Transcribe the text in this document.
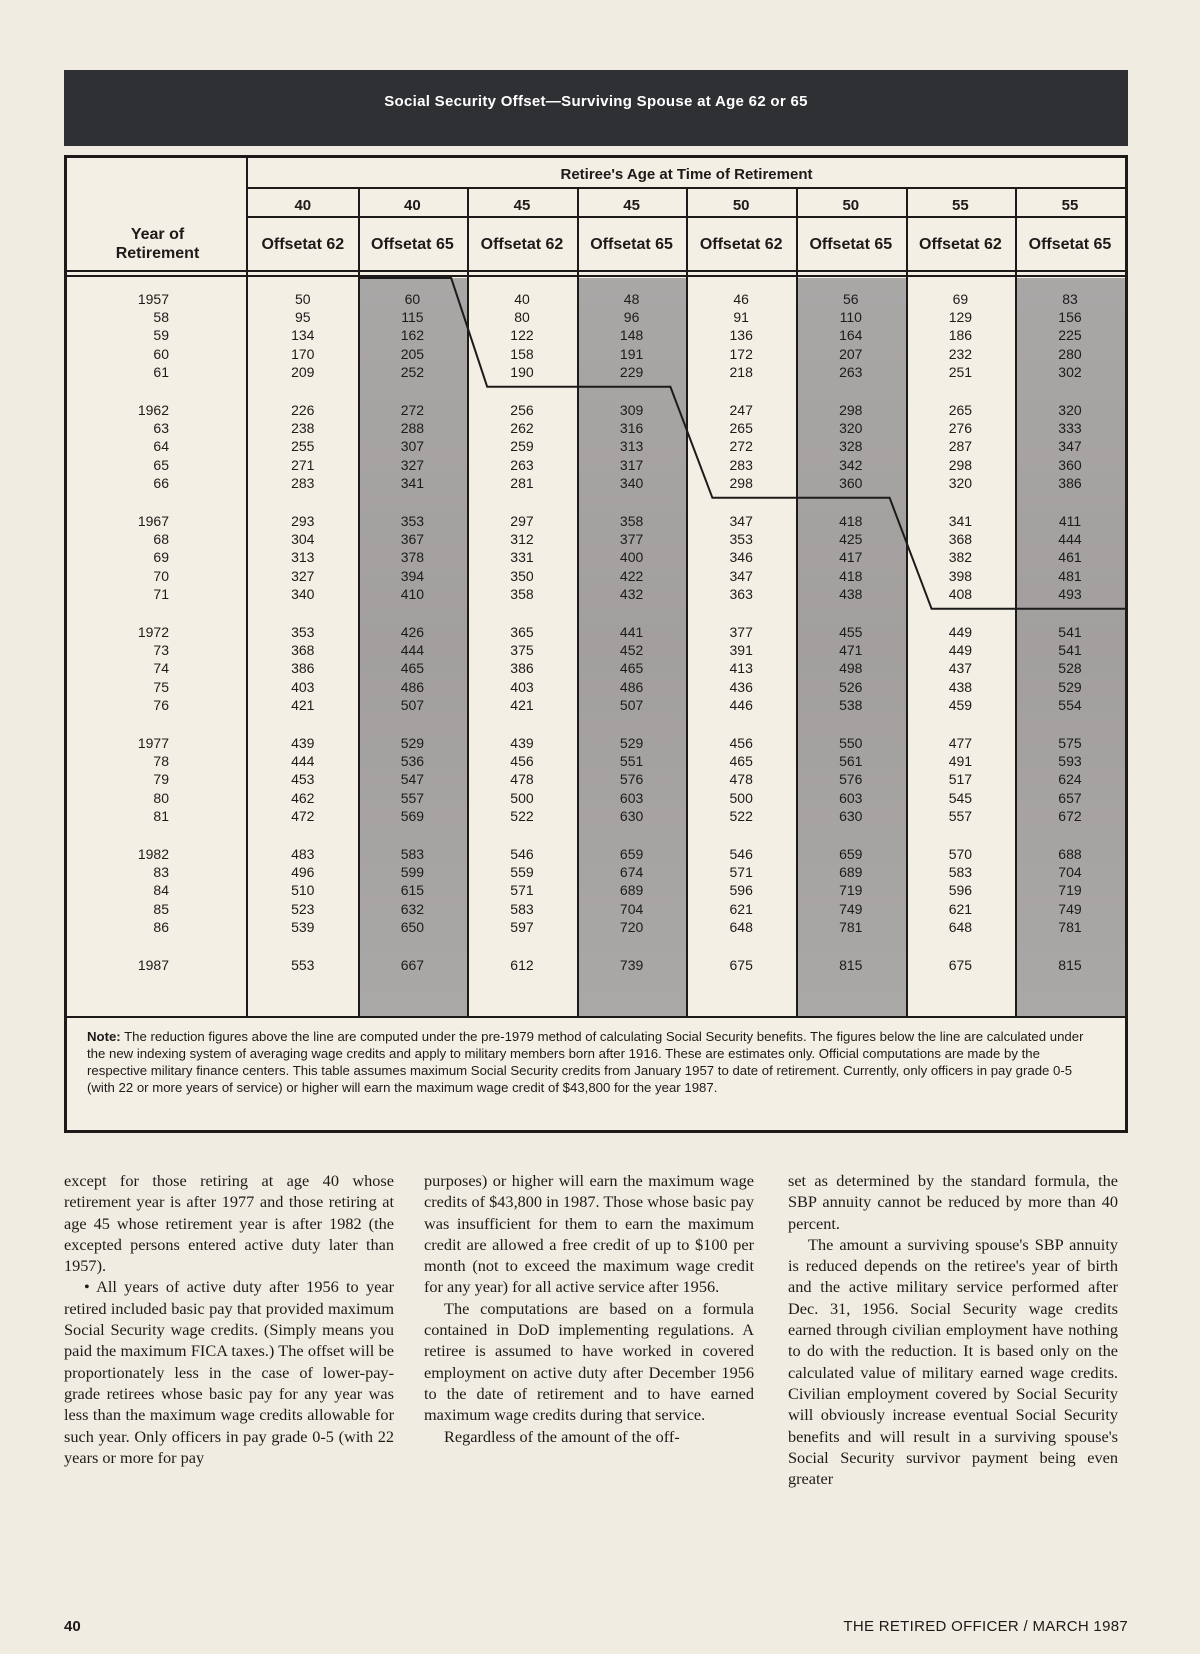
Social Security Offset—Surviving Spouse at Age 62 or 65
Retiree's Age at Time of Retirement
Year of
Retirement
40	40	45	45	50	50	55	55
Offset at 62 Offset at 65 Offset at 62 Offset at 65 Offset at 62 Offset at 65 Offset at 62 Offset at 65
1957	50	60	40	48	46	56	69	83
58	95	115	80	96	91	110	129	156
59	134	162	122	148	136	164	186	225
60	170	205	158	191	172	207	232	280
61	209	252	190	229	218	263	251	302
1962	226	272	256	309	247	298	265	320
63	238	288	262	316	265	320	276	333
64	255	307	259	313	272	328	287	347
65	271	327	263	317	283	342	298	360
66	283	341	281	340	298	360	320	386
1967	293	353	297	358	347	418	341	411
68	304	367	312	377	353	425	368	444
69	313	378	331	400	346	417	382	461
70	327	394	350	422	347	418	398	481
71	340	410	358	432	363	438	408	493
1972	353	426	365	441	377	455	449	541
73	368	444	375	452	391	471	449	541
74	386	465	386	465	413	498	437	528
75	403	486	403	486	436	526	438	529
76	421	507	421	507	446	538	459	554
1977	439	529	439	529	456	550	477	575
78	444	536	456	551	465	561	491	593
79	453	547	478	576	478	576	517	624
80	462	557	500	603	500	603	545	657
81	472	569	522	630	522	630	557	672
1982	483	583	546	659	546	659	570	688
83	496	599	559	674	571	689	583	704
84	510	615	571	689	596	719	596	719
85	523	632	583	704	621	749	621	749
86	539	650	597	720	648	781	648	781
1987	553	667	612	739	675	815	675	815
Note: The reduction figures above the line are computed under the pre-1979 method of calculating Social Security benefits. The figures below the line are calculated under the new indexing system of averaging wage credits and apply to military members born after 1916. These are estimates only. Official computations are made by the respective military finance centers. This table assumes maximum Social Security credits from January 1957 to date of retirement. Currently, only officers in pay grade 0-5 (with 22 or more years of service) or higher will earn the maximum wage credit of $43,800 for the year 1987.

except for those retiring at age 40 whose retirement year is after 1977 and those retiring at age 45 whose retirement year is after 1982 (the excepted persons entered active duty later than 1957).

• All years of active duty after 1956 to year retired included basic pay that provided maximum Social Security wage credits. (Simply means you paid the maximum FICA taxes.) The offset will be proportionately less in the case of lower-pay-grade retirees whose basic pay for any year was less than the maximum wage credits allowable for such year. Only officers in pay grade 0-5 (with 22 years or more for pay

purposes) or higher will earn the maximum wage credits of $43,800 in 1987. Those whose basic pay was insufficient for them to earn the maximum credit are allowed a free credit of up to $100 per month (not to exceed the maximum wage credit for any year) for all active service after 1956.

The computations are based on a formula contained in DoD implementing regulations. A retiree is assumed to have worked in covered employment on active duty after December 1956 to the date of retirement and to have earned maximum wage credits during that service.

Regardless of the amount of the off-

set as determined by the standard formula, the SBP annuity cannot be reduced by more than 40 percent.

The amount a surviving spouse's SBP annuity is reduced depends on the retiree's year of birth and the active military service performed after Dec. 31, 1956. Social Security wage credits earned through civilian employment have nothing to do with the reduction. It is based only on the calculated value of military earned wage credits. Civilian employment covered by Social Security will obviously increase eventual Social Security benefits and will result in a surviving spouse's Social Security survivor payment being even greater

40	THE RETIRED OFFICER / MARCH 1987
